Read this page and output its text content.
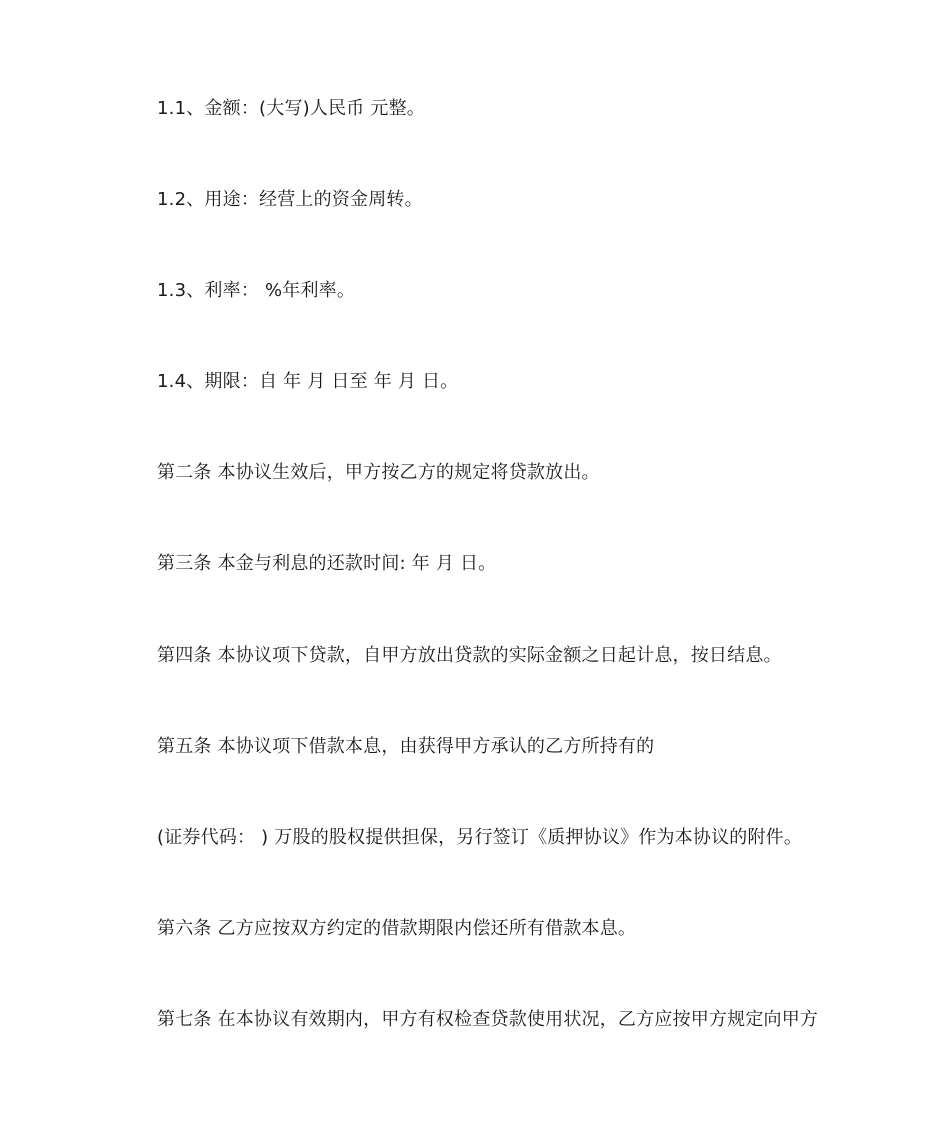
1.1、金额：(大写)人民币 元整。
1.2、用途：经营上的资金周转。
1.3、利率： %年利率。
1.4、期限：自 年 月 日至 年 月 日。
第二条 本协议生效后，甲方按乙方的规定将贷款放出。
第三条 本金与利息的还款时间: 年 月 日。
第四条 本协议项下贷款，自甲方放出贷款的实际金额之日起计息，按日结息。
第五条 本协议项下借款本息，由获得甲方承认的乙方所持有的
(证券代码： ) 万股的股权提供担保，另行签订《质押协议》作为本协议的附件。
第六条 乙方应按双方约定的借款期限内偿还所有借款本息。
第七条 在本协议有效期内，甲方有权检查贷款使用状况，乙方应按甲方规定向甲方
